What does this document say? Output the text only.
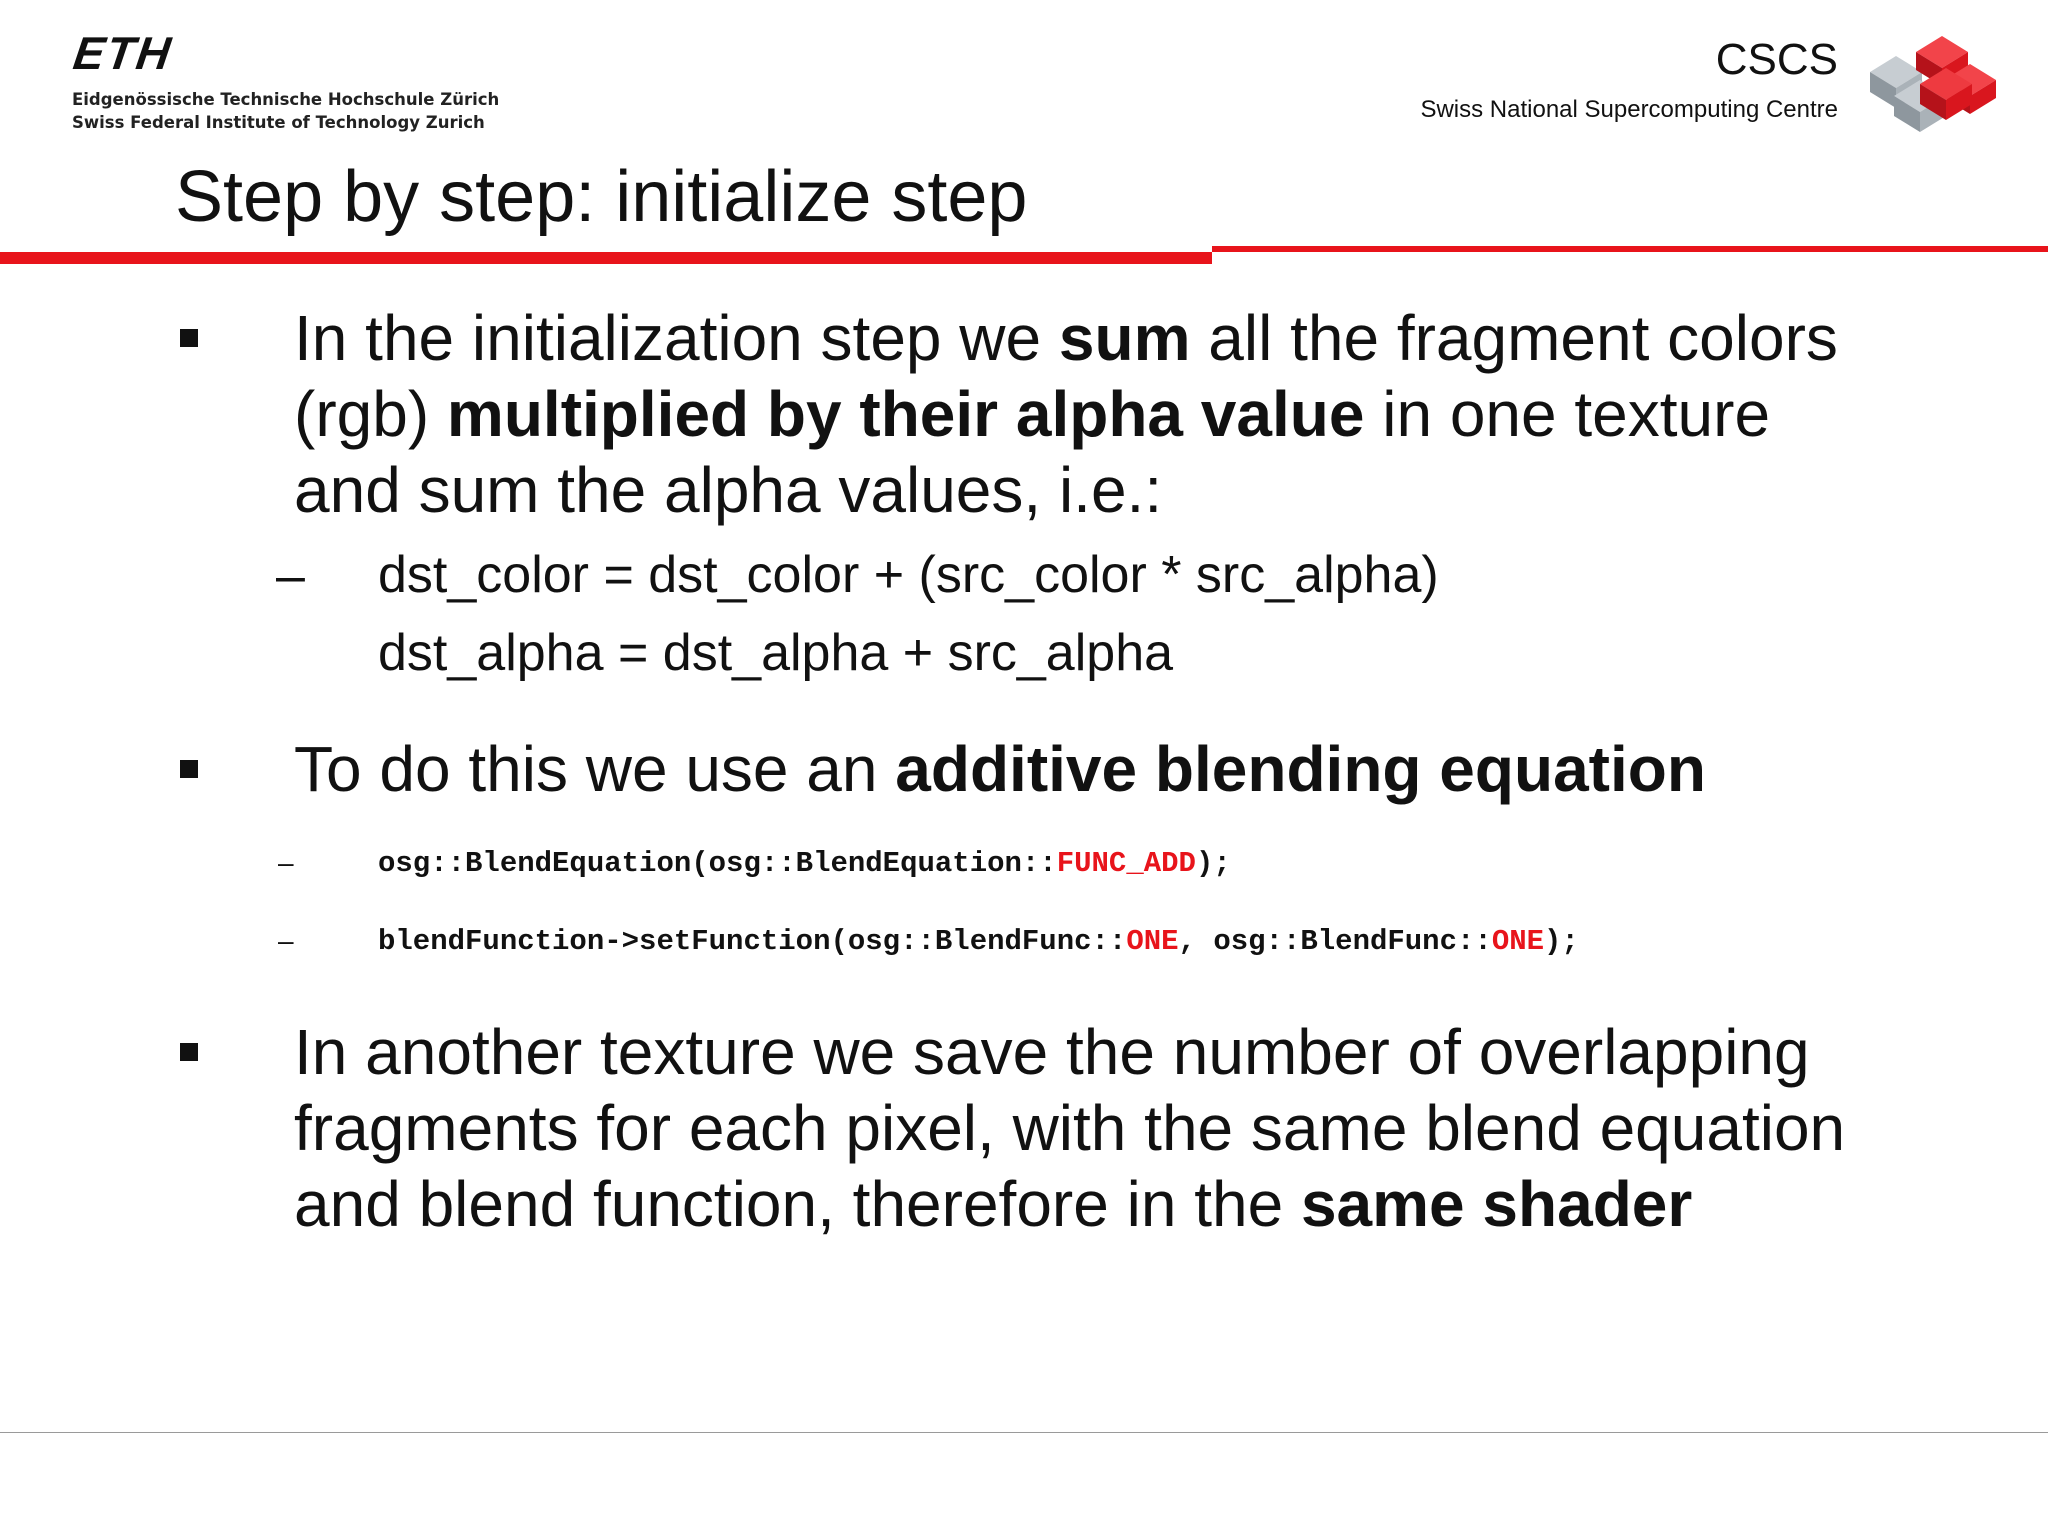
ETH
Eidgenössische Technische Hochschule Zürich
Swiss Federal Institute of Technology Zurich
CSCS
Swiss National Supercomputing Centre
Step by step: initialize step

In the initialization step we sum all the fragment colors (rgb) multiplied by their alpha value in one texture and sum the alpha values, i.e.:

– dst_color = dst_color + (src_color * src_alpha)
dst_alpha = dst_alpha + src_alpha

To do this we use an additive blending equation

–	osg::BlendEquation(osg::BlendEquation::FUNC_ADD);
–	blendFunction->setFunction(osg::BlendFunc::ONE, osg::BlendFunc::ONE);

In another texture we save the number of overlapping fragments for each pixel, with the same blend equation and blend function, therefore in the same shader
